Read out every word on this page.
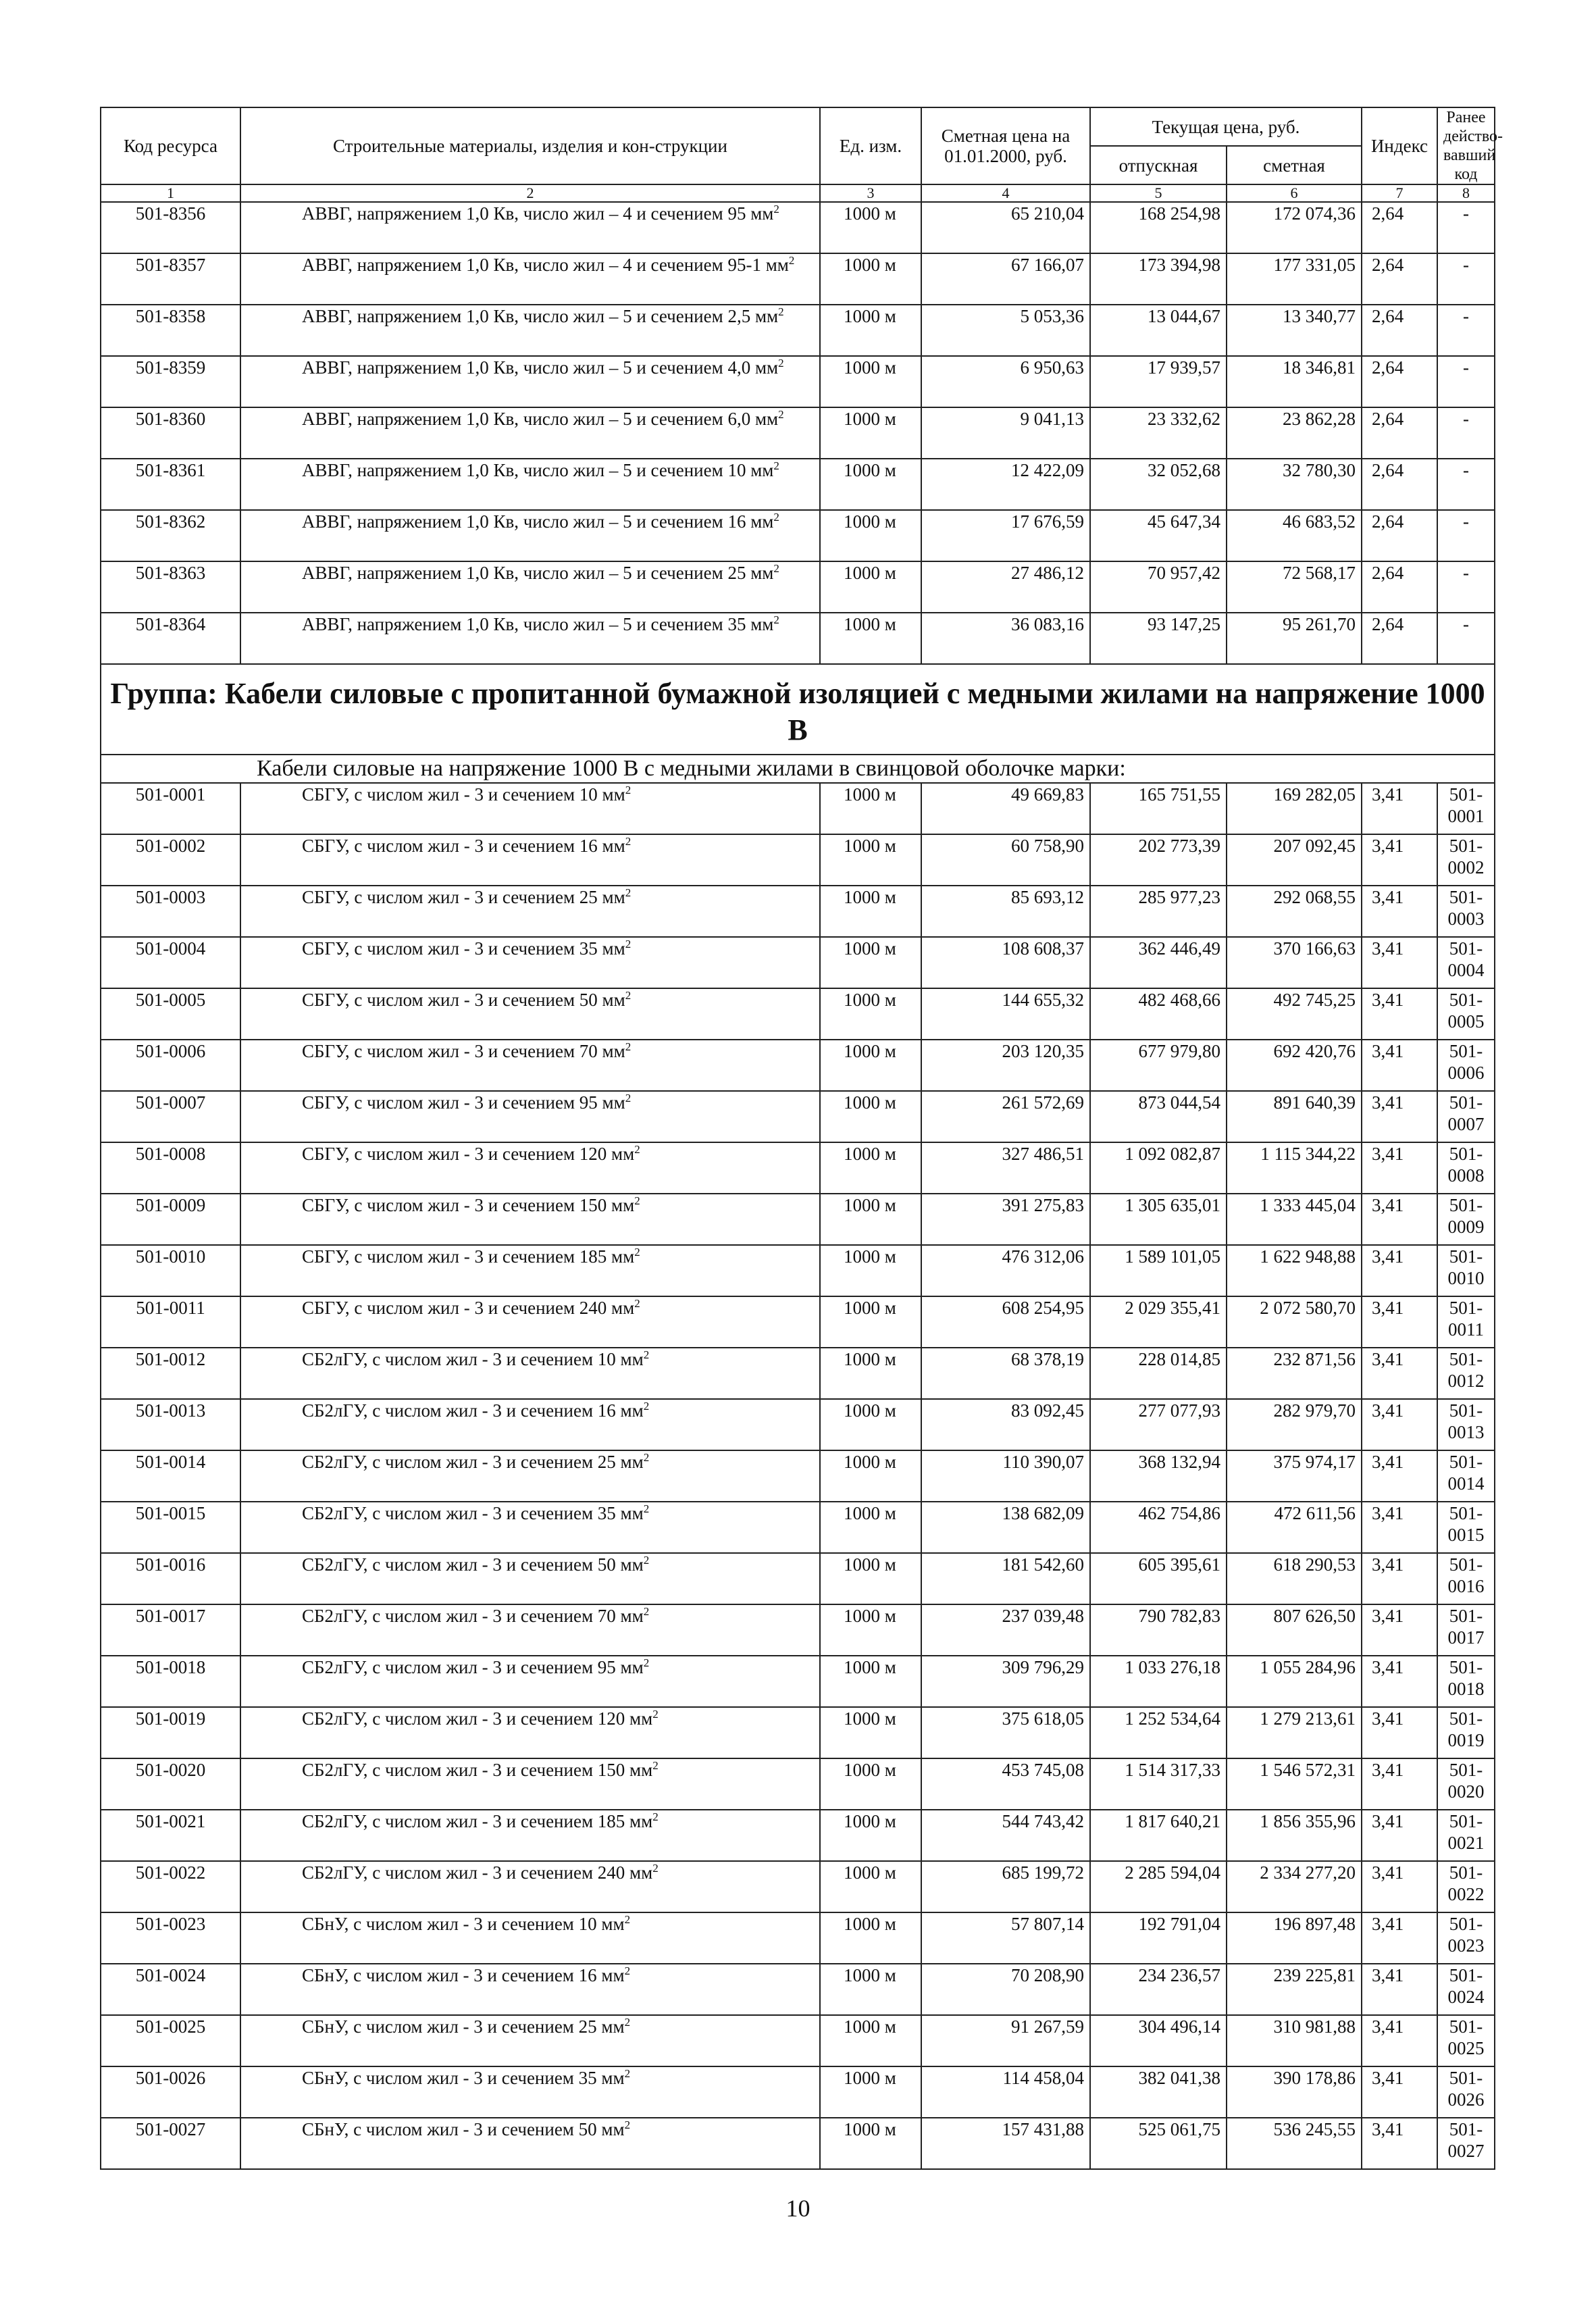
Код ресурса	Строительные материалы, изделия и кон-струкции	Ед. изм.	Сметная цена на 01.01.2000, руб.	Текущая цена, руб.		Индекс	Ранее действо-вавший код
				отпускная	сметная		
1	2	3	4	5	6	7	8
501-8356	АВВГ, напряжением 1,0 Кв, число жил – 4 и сечением 95 $мм^2$	1000 м	65 210,04	168 254,98	172 074,36	2,64	-
501-8357	АВВГ, напряжением 1,0 Кв, число жил – 4 и сечением 95-1 $мм^2$	1000 м	67 166,07	173 394,98	177 331,05	2,64	-
501-8358	АВВГ, напряжением 1,0 Кв, число жил – 5 и сечением 2,5 $мм^2$	1000 м	5 053,36	13 044,67	13 340,77	2,64	-
501-8359	АВВГ, напряжением 1,0 Кв, число жил – 5 и сечением 4,0 $мм^2$	1000 м	6 950,63	17 939,57	18 346,81	2,64	-
501-8360	АВВГ, напряжением 1,0 Кв, число жил – 5 и сечением 6,0 $мм^2$	1000 м	9 041,13	23 332,62	23 862,28	2,64	-
501-8361	АВВГ, напряжением 1,0 Кв, число жил – 5 и сечением 10 $мм^2$	1000 м	12 422,09	32 052,68	32 780,30	2,64	-
501-8362	АВВГ, напряжением 1,0 Кв, число жил – 5 и сечением 16 $мм^2$	1000 м	17 676,59	45 647,34	46 683,52	2,64	-
501-8363	АВВГ, напряжением 1,0 Кв, число жил – 5 и сечением 25 $мм^2$	1000 м	27 486,12	70 957,42	72 568,17	2,64	-
501-8364	АВВГ, напряжением 1,0 Кв, число жил – 5 и сечением 35 $мм^2$	1000 м	36 083,16	93 147,25	95 261,70	2,64	-
Группа: Кабели силовые с пропитанной бумажной изоляцией с медными жилами на напряжение 1000 В							
Кабели силовые на напряжение 1000 В с медными жилами в свинцовой оболочке марки:							
501-0001	СБГУ, с числом жил - 3 и сечением 10 $мм^2$	1000 м	49 669,83	165 751,55	169 282,05	3,41	501-0001
501-0002	СБГУ, с числом жил - 3 и сечением 16 $мм^2$	1000 м	60 758,90	202 773,39	207 092,45	3,41	501-0002
501-0003	СБГУ, с числом жил - 3 и сечением 25 $мм^2$	1000 м	85 693,12	285 977,23	292 068,55	3,41	501-0003
501-0004	СБГУ, с числом жил - 3 и сечением 35 $мм^2$	1000 м	108 608,37	362 446,49	370 166,63	3,41	501-0004
501-0005	СБГУ, с числом жил - 3 и сечением 50 $мм^2$	1000 м	144 655,32	482 468,66	492 745,25	3,41	501-0005
501-0006	СБГУ, с числом жил - 3 и сечением 70 $мм^2$	1000 м	203 120,35	677 979,80	692 420,76	3,41	501-0006
501-0007	СБГУ, с числом жил - 3 и сечением 95 $мм^2$	1000 м	261 572,69	873 044,54	891 640,39	3,41	501-0007
501-0008	СБГУ, с числом жил - 3 и сечением 120 $мм^2$	1000 м	327 486,51	1 092 082,87	1 115 344,22	3,41	501-0008
501-0009	СБГУ, с числом жил - 3 и сечением 150 $мм^2$	1000 м	391 275,83	1 305 635,01	1 333 445,04	3,41	501-0009
501-0010	СБГУ, с числом жил - 3 и сечением 185 $мм^2$	1000 м	476 312,06	1 589 101,05	1 622 948,88	3,41	501-0010
501-0011	СБГУ, с числом жил - 3 и сечением 240 $мм^2$	1000 м	608 254,95	2 029 355,41	2 072 580,70	3,41	501-0011
501-0012	СБ2лГУ, с числом жил - 3 и сечением 10 $мм^2$	1000 м	68 378,19	228 014,85	232 871,56	3,41	501-0012
501-0013	СБ2лГУ, с числом жил - 3 и сечением 16 $мм^2$	1000 м	83 092,45	277 077,93	282 979,70	3,41	501-0013
501-0014	СБ2лГУ, с числом жил - 3 и сечением 25 $мм^2$	1000 м	110 390,07	368 132,94	375 974,17	3,41	501-0014
501-0015	СБ2лГУ, с числом жил - 3 и сечением 35 $мм^2$	1000 м	138 682,09	462 754,86	472 611,56	3,41	501-0015
501-0016	СБ2лГУ, с числом жил - 3 и сечением 50 $мм^2$	1000 м	181 542,60	605 395,61	618 290,53	3,41	501-0016
501-0017	СБ2лГУ, с числом жил - 3 и сечением 70 $мм^2$	1000 м	237 039,48	790 782,83	807 626,50	3,41	501-0017
501-0018	СБ2лГУ, с числом жил - 3 и сечением 95 $мм^2$	1000 м	309 796,29	1 033 276,18	1 055 284,96	3,41	501-0018
501-0019	СБ2лГУ, с числом жил - 3 и сечением 120 $мм^2$	1000 м	375 618,05	1 252 534,64	1 279 213,61	3,41	501-0019
501-0020	СБ2лГУ, с числом жил - 3 и сечением 150 $мм^2$	1000 м	453 745,08	1 514 317,33	1 546 572,31	3,41	501-0020
501-0021	СБ2лГУ, с числом жил - 3 и сечением 185 $мм^2$	1000 м	544 743,42	1 817 640,21	1 856 355,96	3,41	501-0021
501-0022	СБ2лГУ, с числом жил - 3 и сечением 240 $мм^2$	1000 м	685 199,72	2 285 594,04	2 334 277,20	3,41	501-0022
501-0023	СБнУ, с числом жил - 3 и сечением 10 $мм^2$	1000 м	57 807,14	192 791,04	196 897,48	3,41	501-0023
501-0024	СБнУ, с числом жил - 3 и сечением 16 $мм^2$	1000 м	70 208,90	234 236,57	239 225,81	3,41	501-0024
501-0025	СБнУ, с числом жил - 3 и сечением 25 $мм^2$	1000 м	91 267,59	304 496,14	310 981,88	3,41	501-0025
501-0026	СБнУ, с числом жил - 3 и сечением 35 $мм^2$	1000 м	114 458,04	382 041,38	390 178,86	3,41	501-0026
501-0027	СБнУ, с числом жил - 3 и сечением 50 $мм^2$	1000 м	157 431,88	525 061,75	536 245,55	3,41	501-0027
10
